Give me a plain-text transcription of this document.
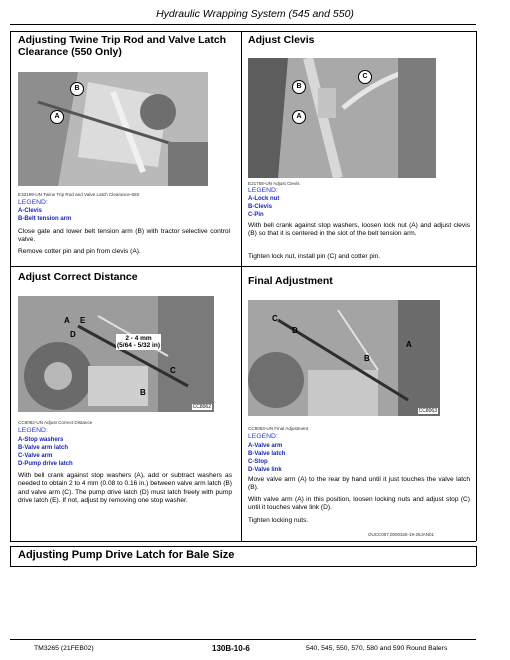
Hydraulic Wrapping System (545 and 550)
Adjusting Twine Trip Rod and Valve Latch
Clearance (550 Only)
B
A
E32199-UN Twine Trip Rod and Valve Latch Clearance-550
LEGEND:
A-Clevis
B-Belt tension arm
Close gate and lower belt tension arm (B) with tractor selective control valve.
Remove cotter pin and pin from clevis (A).
Adjust Clevis
C
B
A
E21758-UN Adjust Clevis
LEGEND:
A-Lock nut
B-Clevis
C-Pin
With bell crank against stop washers, loosen lock nut (A) and adjust clevis (B) so that it is centered in the slot of the belt tension arm.
Tighten lock nut, install pin (C) and cotter pin.
Adjust Correct Distance
A E
D
C
B
2 - 4 mm
(5/64 - 5/32 in)
CC8062
CC8062-UN Adjust Correct Distance
LEGEND:
A-Stop washers
B-Valve arm latch
C-Valve arm
D-Pump drive latch
With bell crank against stop washers (A), add or subtract washers as needed to obtain 2 to 4 mm (0.08 to 0.16 in.) between valve arm latch (B) and valve arm (C). The pump drive latch (D) must latch freely with pump drive latch (E). If not, adjust by removing one stop washer.
Final Adjustment
C
D
B
A
CC8063
CC8063-UN Final Adjustment
LEGEND:
A-Valve arm
B-Valve latch
C-Stop
D-Valve link
Move valve arm (A) to the rear by hand until it just touches the valve latch (B).
With valve arm (A) in this position, loosen locking nuts and adjust stop (C) until it touches valve link (D).
Tighten locking nuts.
OUCC007,0000326-19-26JAN01
Adjusting Pump Drive Latch for Bale Size
TM3265 (21FEB02)	130B-10-6	540, 545, 550, 570, 580 and 590 Round Balers
